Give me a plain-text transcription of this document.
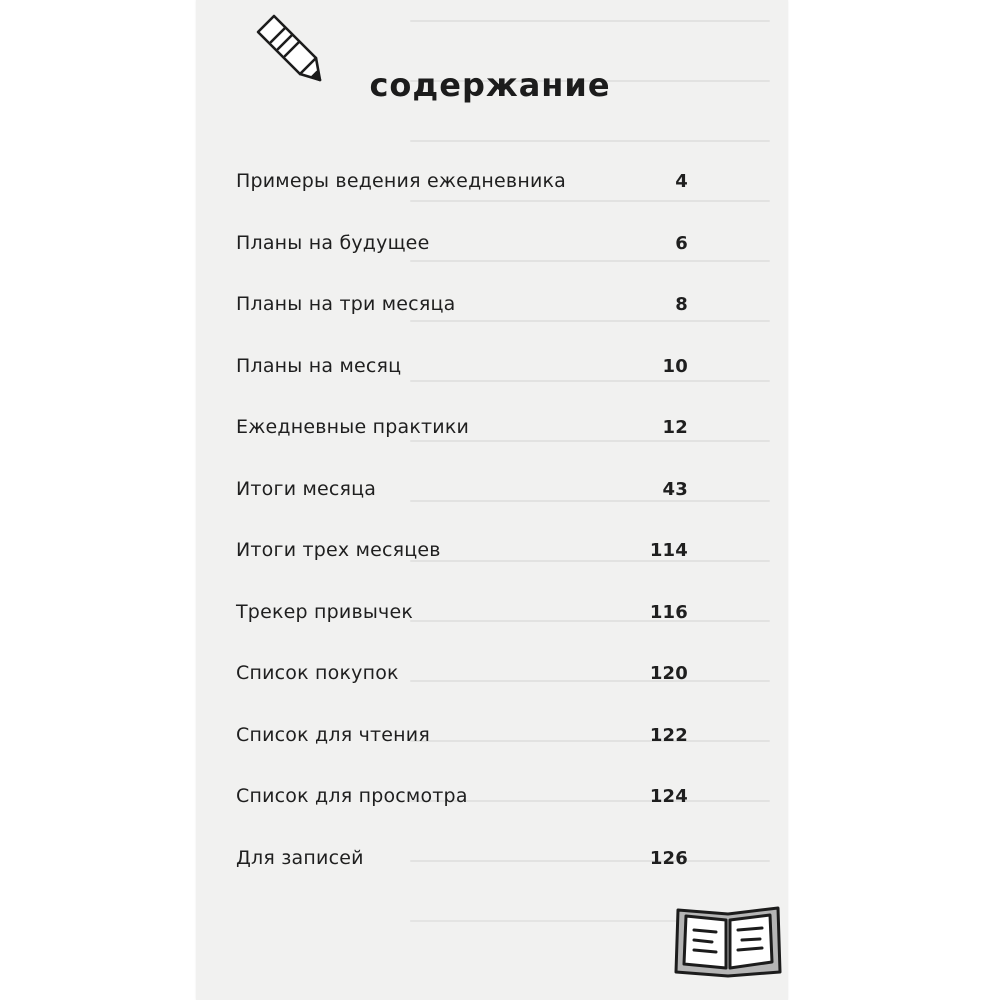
содержание
Примеры ведения ежедневника	4
Планы на будущее	6
Планы на три месяца	8
Планы на месяц	10
Ежедневные практики	12
Итоги месяца	43
Итоги трех месяцев	114
Трекер привычек	116
Список покупок	120
Список для чтения	122
Список для просмотра	124
Для записей	126
